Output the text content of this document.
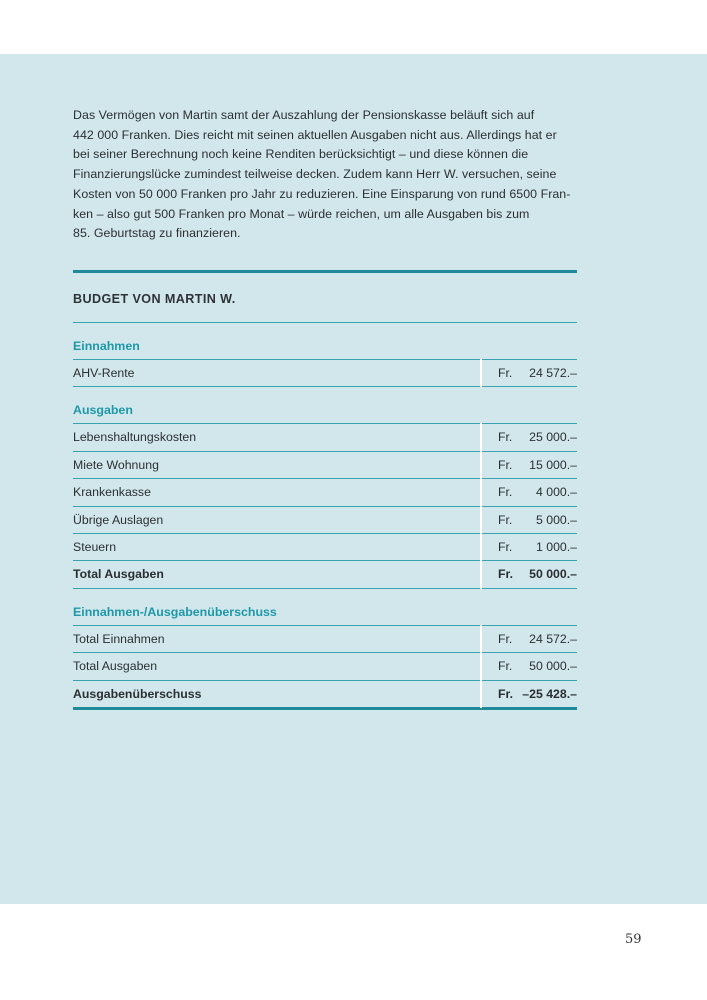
Das Vermögen von Martin samt der Auszahlung der Pensionskasse beläuft sich auf
442 000 Franken. Dies reicht mit seinen aktuellen Ausgaben nicht aus. Allerdings hat er
bei seiner Berechnung noch keine Renditen berücksichtigt – und diese können die
Finanzierungslücke zumindest teilweise decken. Zudem kann Herr W. versuchen, seine
Kosten von 50 000 Franken pro Jahr zu reduzieren. Eine Einsparung von rund 6500 Fran-
ken – also gut 500 Franken pro Monat – würde reichen, um alle Ausgaben bis zum
85. Geburtstag zu finanzieren.

BUDGET VON MARTIN W.
Einnahmen
AHV-Rente	Fr. 24 572.–
Ausgaben
Lebenshaltungskosten	Fr. 25 000.–
Miete Wohnung	Fr. 15 000.–
Krankenkasse	Fr. 4 000.–
Übrige Auslagen	Fr. 5 000.–
Steuern	Fr. 1 000.–
Total Ausgaben	Fr. 50 000.–
Einnahmen-/Ausgabenüberschuss
Total Einnahmen	Fr. 24 572.–
Total Ausgaben	Fr. 50 000.–
Ausgabenüberschuss	Fr. –25 428.–
59
